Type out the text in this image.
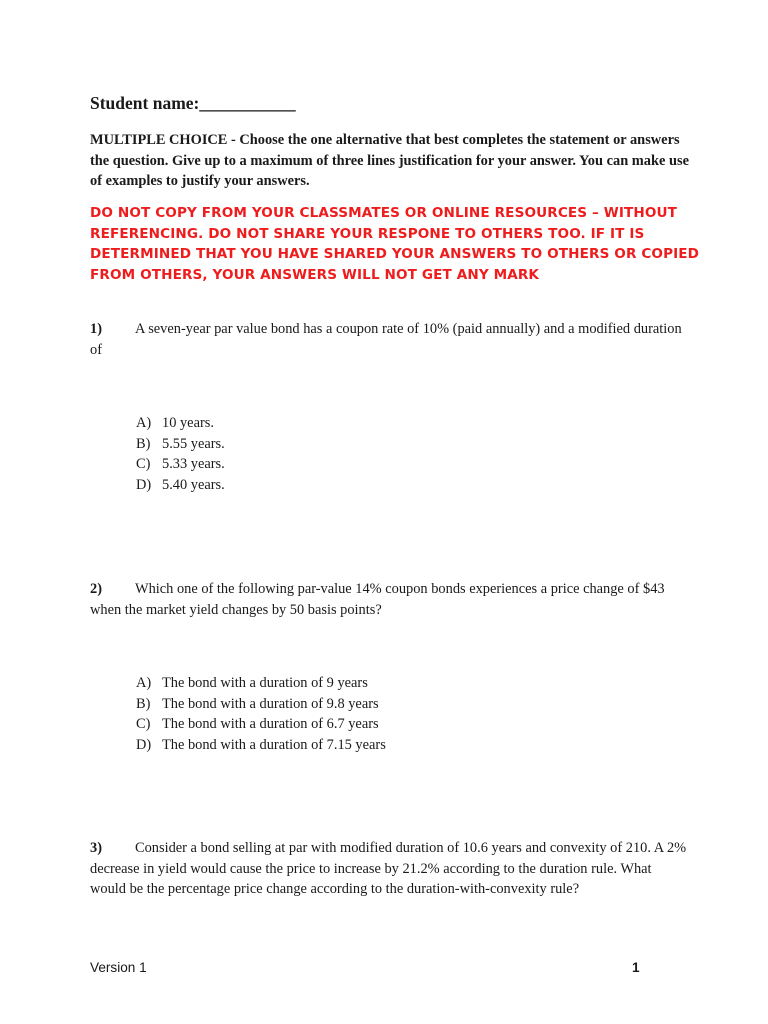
Student name:___________
MULTIPLE CHOICE - Choose the one alternative that best completes the statement or answers the question. Give up to a maximum of three lines justification for your answer. You can make use of examples to justify your answers.
DO NOT COPY FROM YOUR CLASSMATES OR ONLINE RESOURCES – WITHOUT REFERENCING. DO NOT SHARE YOUR RESPONE TO OTHERS TOO. IF IT IS DETERMINED THAT YOU HAVE SHARED YOUR ANSWERS TO OTHERS OR COPIED FROM OTHERS, YOUR ANSWERS WILL NOT GET ANY MARK
1) A seven-year par value bond has a coupon rate of 10% (paid annually) and a modified duration of
A) 10 years.
B) 5.55 years.
C) 5.33 years.
D) 5.40 years.
2) Which one of the following par-value 14% coupon bonds experiences a price change of $43 when the market yield changes by 50 basis points?
A) The bond with a duration of 9 years
B) The bond with a duration of 9.8 years
C) The bond with a duration of 6.7 years
D) The bond with a duration of 7.15 years
3) Consider a bond selling at par with modified duration of 10.6 years and convexity of 210. A 2% decrease in yield would cause the price to increase by 21.2% according to the duration rule. What would be the percentage price change according to the duration-with-convexity rule?
Version 1	1
